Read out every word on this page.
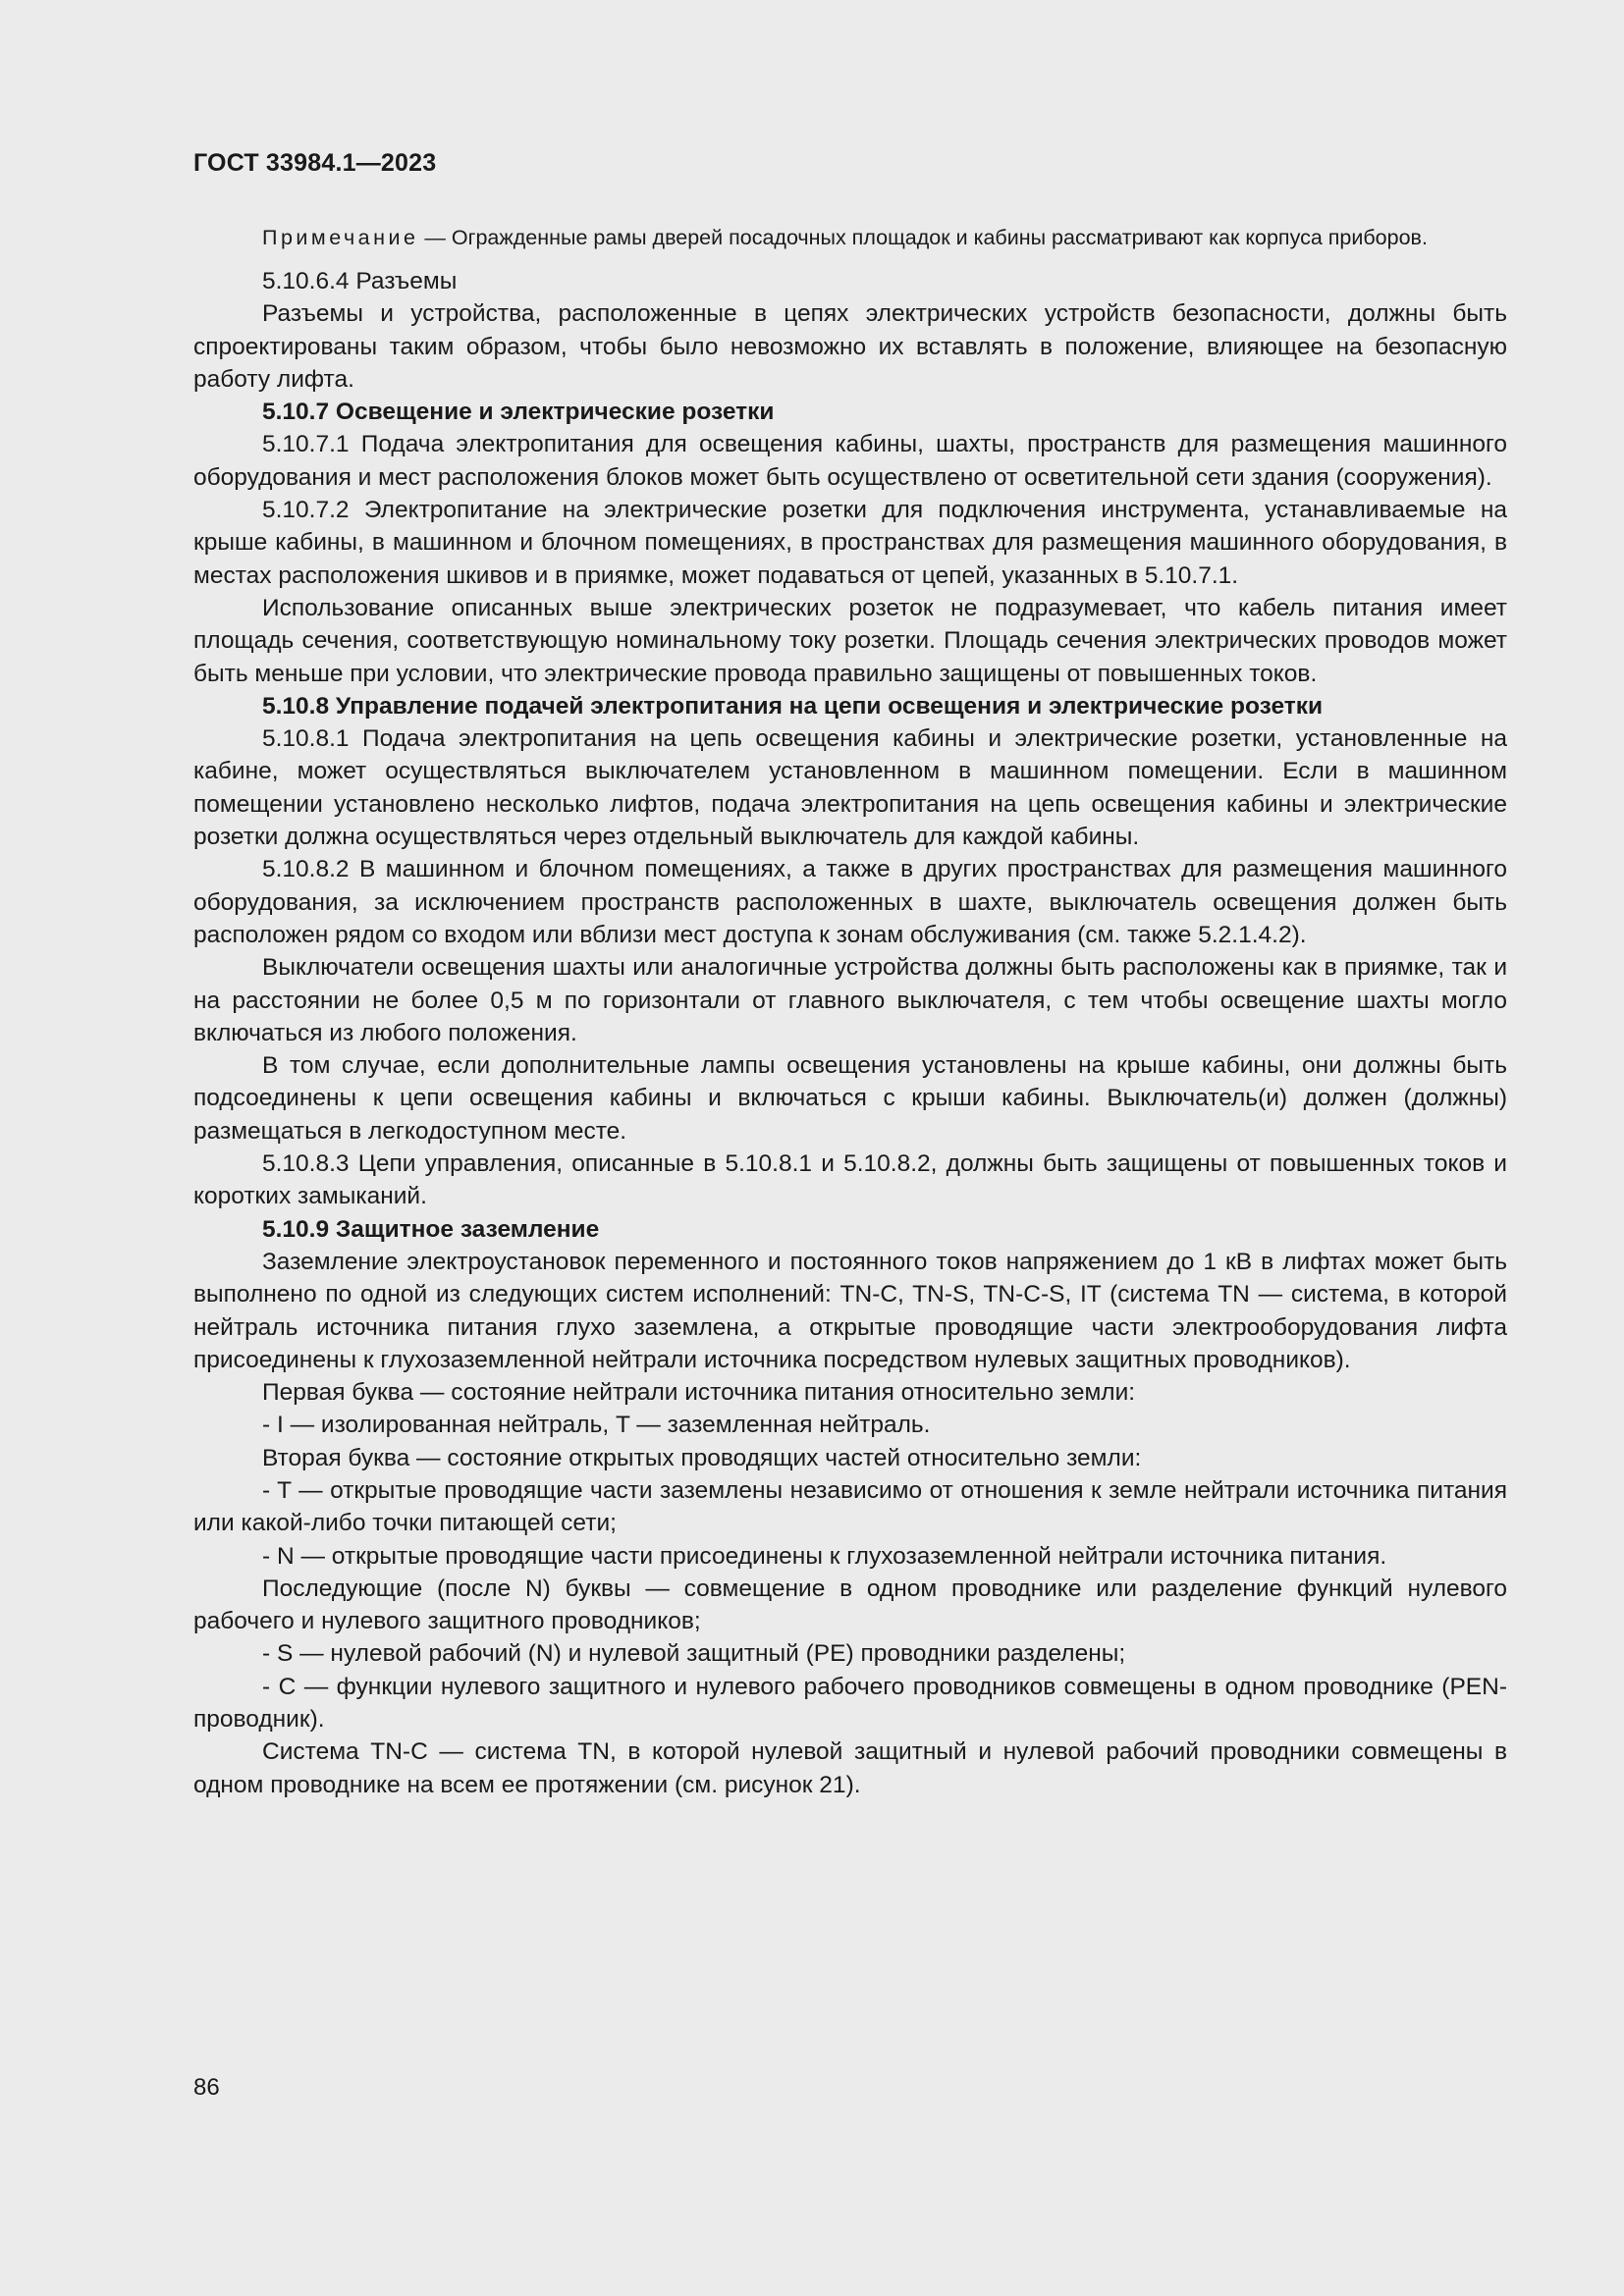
ГОСТ 33984.1—2023

Примечание — Огражденные рамы дверей посадочных площадок и кабины рассматривают как корпуса приборов.

5.10.6.4 Разъемы

Разъемы и устройства, расположенные в цепях электрических устройств безопасности, должны быть спроектированы таким образом, чтобы было невозможно их вставлять в положение, влияющее на безопасную работу лифта.

5.10.7 Освещение и электрические розетки

5.10.7.1 Подача электропитания для освещения кабины, шахты, пространств для размещения машинного оборудования и мест расположения блоков может быть осуществлено от осветительной сети здания (сооружения).

5.10.7.2 Электропитание на электрические розетки для подключения инструмента, устанавливаемые на крыше кабины, в машинном и блочном помещениях, в пространствах для размещения машинного оборудования, в местах расположения шкивов и в приямке, может подаваться от цепей, указанных в 5.10.7.1.

Использование описанных выше электрических розеток не подразумевает, что кабель питания имеет площадь сечения, соответствующую номинальному току розетки. Площадь сечения электрических проводов может быть меньше при условии, что электрические провода правильно защищены от повышенных токов.

5.10.8 Управление подачей электропитания на цепи освещения и электрические розетки

5.10.8.1 Подача электропитания на цепь освещения кабины и электрические розетки, установленные на кабине, может осуществляться выключателем установленном в машинном помещении. Если в машинном помещении установлено несколько лифтов, подача электропитания на цепь освещения кабины и электрические розетки должна осуществляться через отдельный выключатель для каждой кабины.

5.10.8.2 В машинном и блочном помещениях, а также в других пространствах для размещения машинного оборудования, за исключением пространств расположенных в шахте, выключатель освещения должен быть расположен рядом со входом или вблизи мест доступа к зонам обслуживания (см. также 5.2.1.4.2).

Выключатели освещения шахты или аналогичные устройства должны быть расположены как в приямке, так и на расстоянии не более 0,5 м по горизонтали от главного выключателя, с тем чтобы освещение шахты могло включаться из любого положения.

В том случае, если дополнительные лампы освещения установлены на крыше кабины, они должны быть подсоединены к цепи освещения кабины и включаться с крыши кабины. Выключатель(и) должен (должны) размещаться в легкодоступном месте.

5.10.8.3 Цепи управления, описанные в 5.10.8.1 и 5.10.8.2, должны быть защищены от повышенных токов и коротких замыканий.

5.10.9 Защитное заземление

Заземление электроустановок переменного и постоянного токов напряжением до 1 кВ в лифтах может быть выполнено по одной из следующих систем исполнений: TN-C, TN-S, TN-C-S, IT (система TN — система, в которой нейтраль источника питания глухо заземлена, а открытые проводящие части электрооборудования лифта присоединены к глухозаземленной нейтрали источника посредством нулевых защитных проводников).

Первая буква — состояние нейтрали источника питания относительно земли:

- I — изолированная нейтраль, T — заземленная нейтраль.

Вторая буква — состояние открытых проводящих частей относительно земли:

- T — открытые проводящие части заземлены независимо от отношения к земле нейтрали источника питания или какой-либо точки питающей сети;

- N — открытые проводящие части присоединены к глухозаземленной нейтрали источника питания.

Последующие (после N) буквы — совмещение в одном проводнике или разделение функций нулевого рабочего и нулевого защитного проводников;

- S — нулевой рабочий (N) и нулевой защитный (PE) проводники разделены;

- C — функции нулевого защитного и нулевого рабочего проводников совмещены в одном проводнике (PEN-проводник).

Система TN-C — система TN, в которой нулевой защитный и нулевой рабочий проводники совмещены в одном проводнике на всем ее протяжении (см. рисунок 21).

86
